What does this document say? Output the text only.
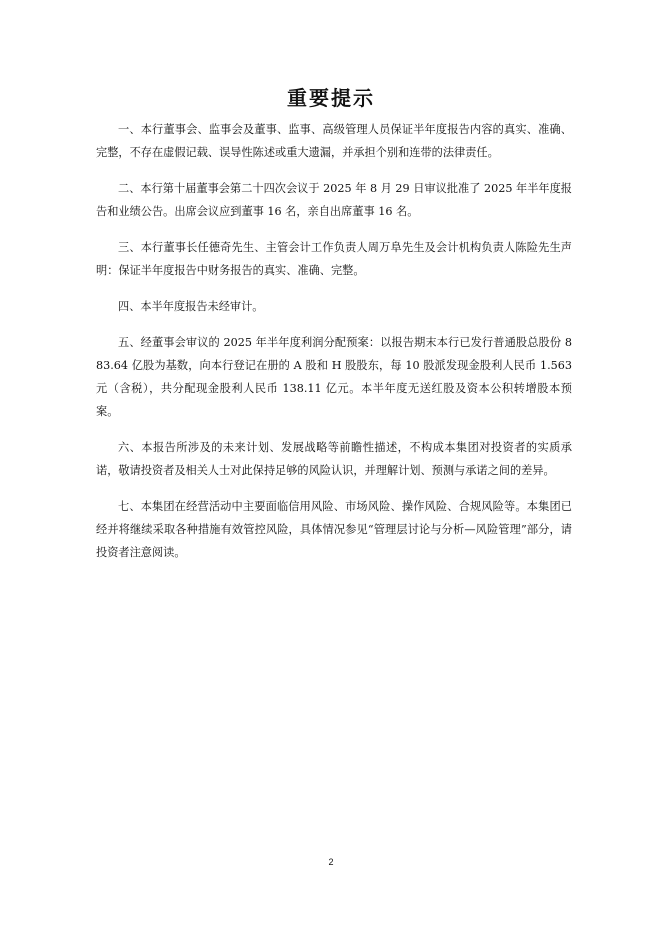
重要提示

一、本行董事会、监事会及董事、监事、高级管理人员保证半年度报告内容的真实、准确、完整，不存在虚假记载、误导性陈述或重大遗漏，并承担个别和连带的法律责任。

二、本行第十届董事会第二十四次会议于 2025 年 8 月 29 日审议批准了 2025 年半年度报告和业绩公告。出席会议应到董事 16 名，亲自出席董事 16 名。

三、本行董事长任德奇先生、主管会计工作负责人周万阜先生及会计机构负责人陈险先生声明：保证半年度报告中财务报告的真实、准确、完整。

四、本半年度报告未经审计。

五、经董事会审议的 2025 年半年度利润分配预案：以报告期末本行已发行普通股总股份 883.64 亿股为基数，向本行登记在册的 A 股和 H 股股东，每 10 股派发现金股利人民币 1.563 元（含税），共分配现金股利人民币 138.11 亿元。本半年度无送红股及资本公积转增股本预案。

六、本报告所涉及的未来计划、发展战略等前瞻性描述，不构成本集团对投资者的实质承诺，敬请投资者及相关人士对此保持足够的风险认识，并理解计划、预测与承诺之间的差异。

七、本集团在经营活动中主要面临信用风险、市场风险、操作风险、合规风险等。本集团已经并将继续采取各种措施有效管控风险，具体情况参见“管理层讨论与分析—风险管理”部分，请投资者注意阅读。

2
